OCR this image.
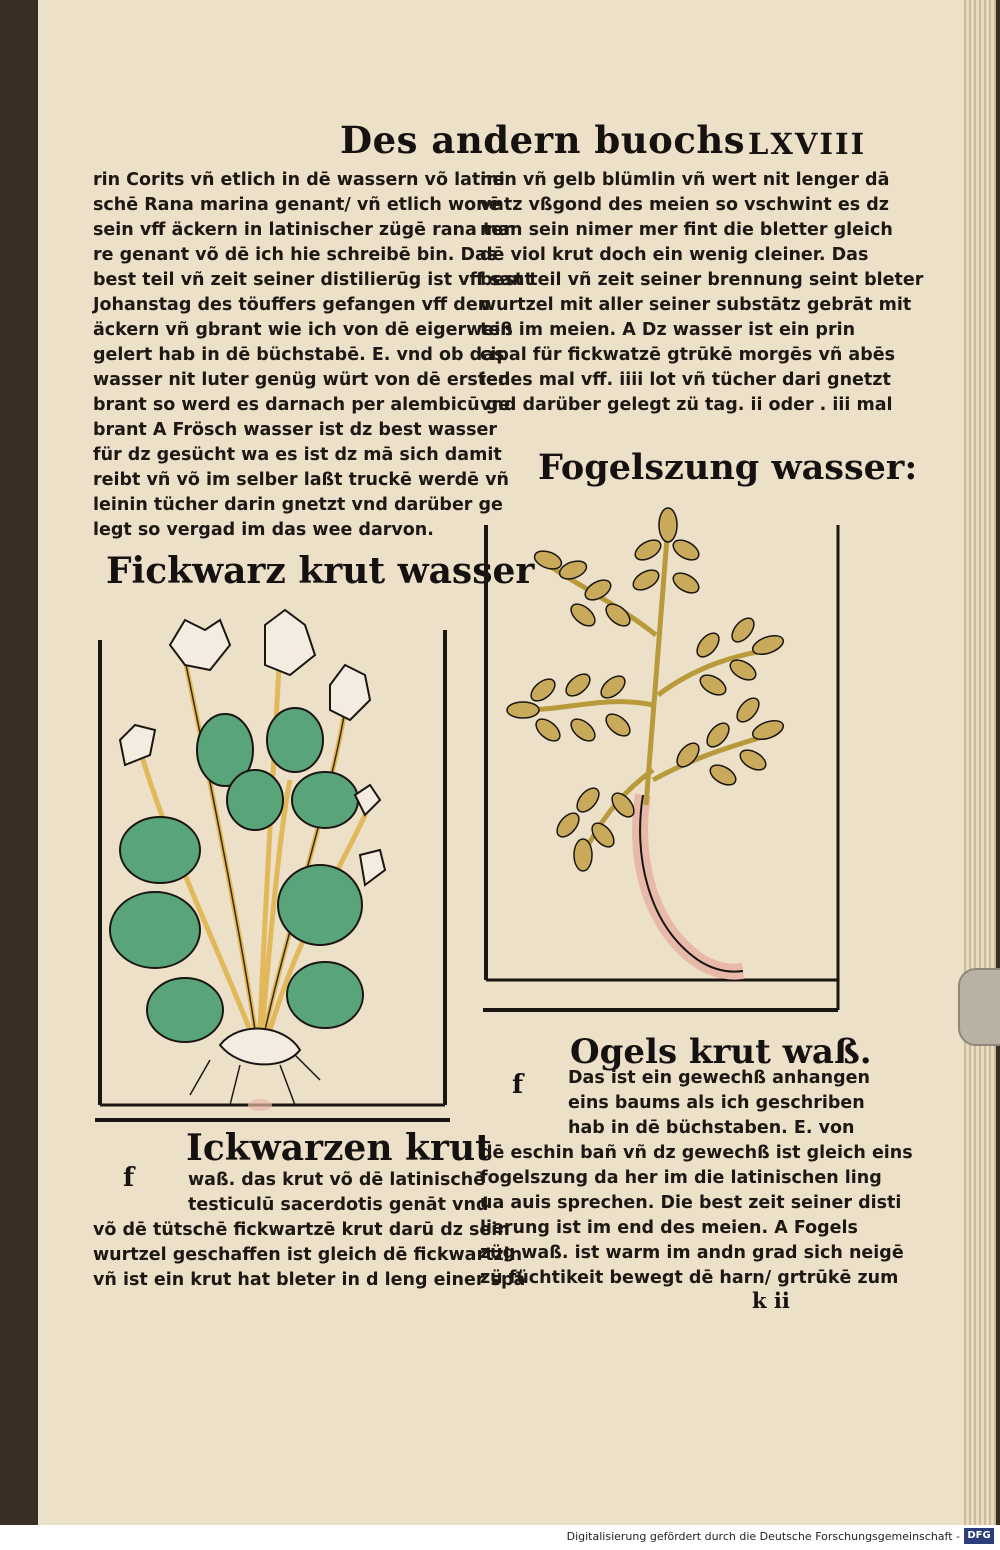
Des andern buochs LXVIII
rin Corits vñ etlich in dē wassern võ latini
schē Rana marina genant/ vñ etlich wonē
sein vff äckern in latinischer zügē rana ter
re genant võ dē ich hie schreibē bin. Das
best teil vñ zeit seiner distilierūg ist vff sant
Johanstag des töuffers gefangen vff den
äckern vñ gbrant wie ich von dē eigerweiß
gelert hab in dē büchstabē. E. vnd ob das
wasser nit luter genüg würt von dē ersten
brant so werd es darnach per alembicū ge
brant A Frösch wasser ist dz best wasser
für dz gesücht wa es ist dz mā sich damit
reibt vñ võ im selber laßt truckē werdē vñ
leinin tücher darin gnetzt vnd darüber ge
legt so vergad im das wee darvon.
nen vñ gelb blümlin vñ wert nit lenger dā
vntz vßgond des meien so vschwint es dz
man sein nimer mer fint die bletter gleich
dē viol krut doch ein wenig cleiner. Das
best teil vñ zeit seiner brennung seint bleter
wurtzel mit aller seiner substātz gebrāt mit
ten im meien. A Dz wasser ist ein prin
cipal für fickwatzē gtrūkē morgēs vñ abēs
iedes mal vff. iiii lot vñ tücher dari gnetzt
vnd darüber gelegt zü tag. ii oder . iii mal
Fogelszung wasser:
Fickwarz krut wasser
Ogels krut waß.
f	Das ist ein gewechß anhangen
eins baums als ich geschriben
hab in dē büchstaben. E. von
dē eschin bañ vñ dz gewechß ist gleich eins
fogelszung da her im die latinischen ling
ua auis sprechen. Die best zeit seiner disti
lierung ist im end des meien. A Fogels
züg waß. ist warm im andn grad sich neigē
zü füchtikeit bewegt dē harn/ grtrūkē zum
Ickwarzen krut
f	waß. das krut võ dē latinischē
testiculū sacerdotis genāt vnd
võ dē tütschē fickwartzē krut darū dz sein
wurtzel geschaffen ist gleich dē fickwartzin
vñ ist ein krut hat bleter in d leng einer spā
k ii
Digitalisierung gefördert durch die Deutsche Forschungsgemeinschaft - DFG
